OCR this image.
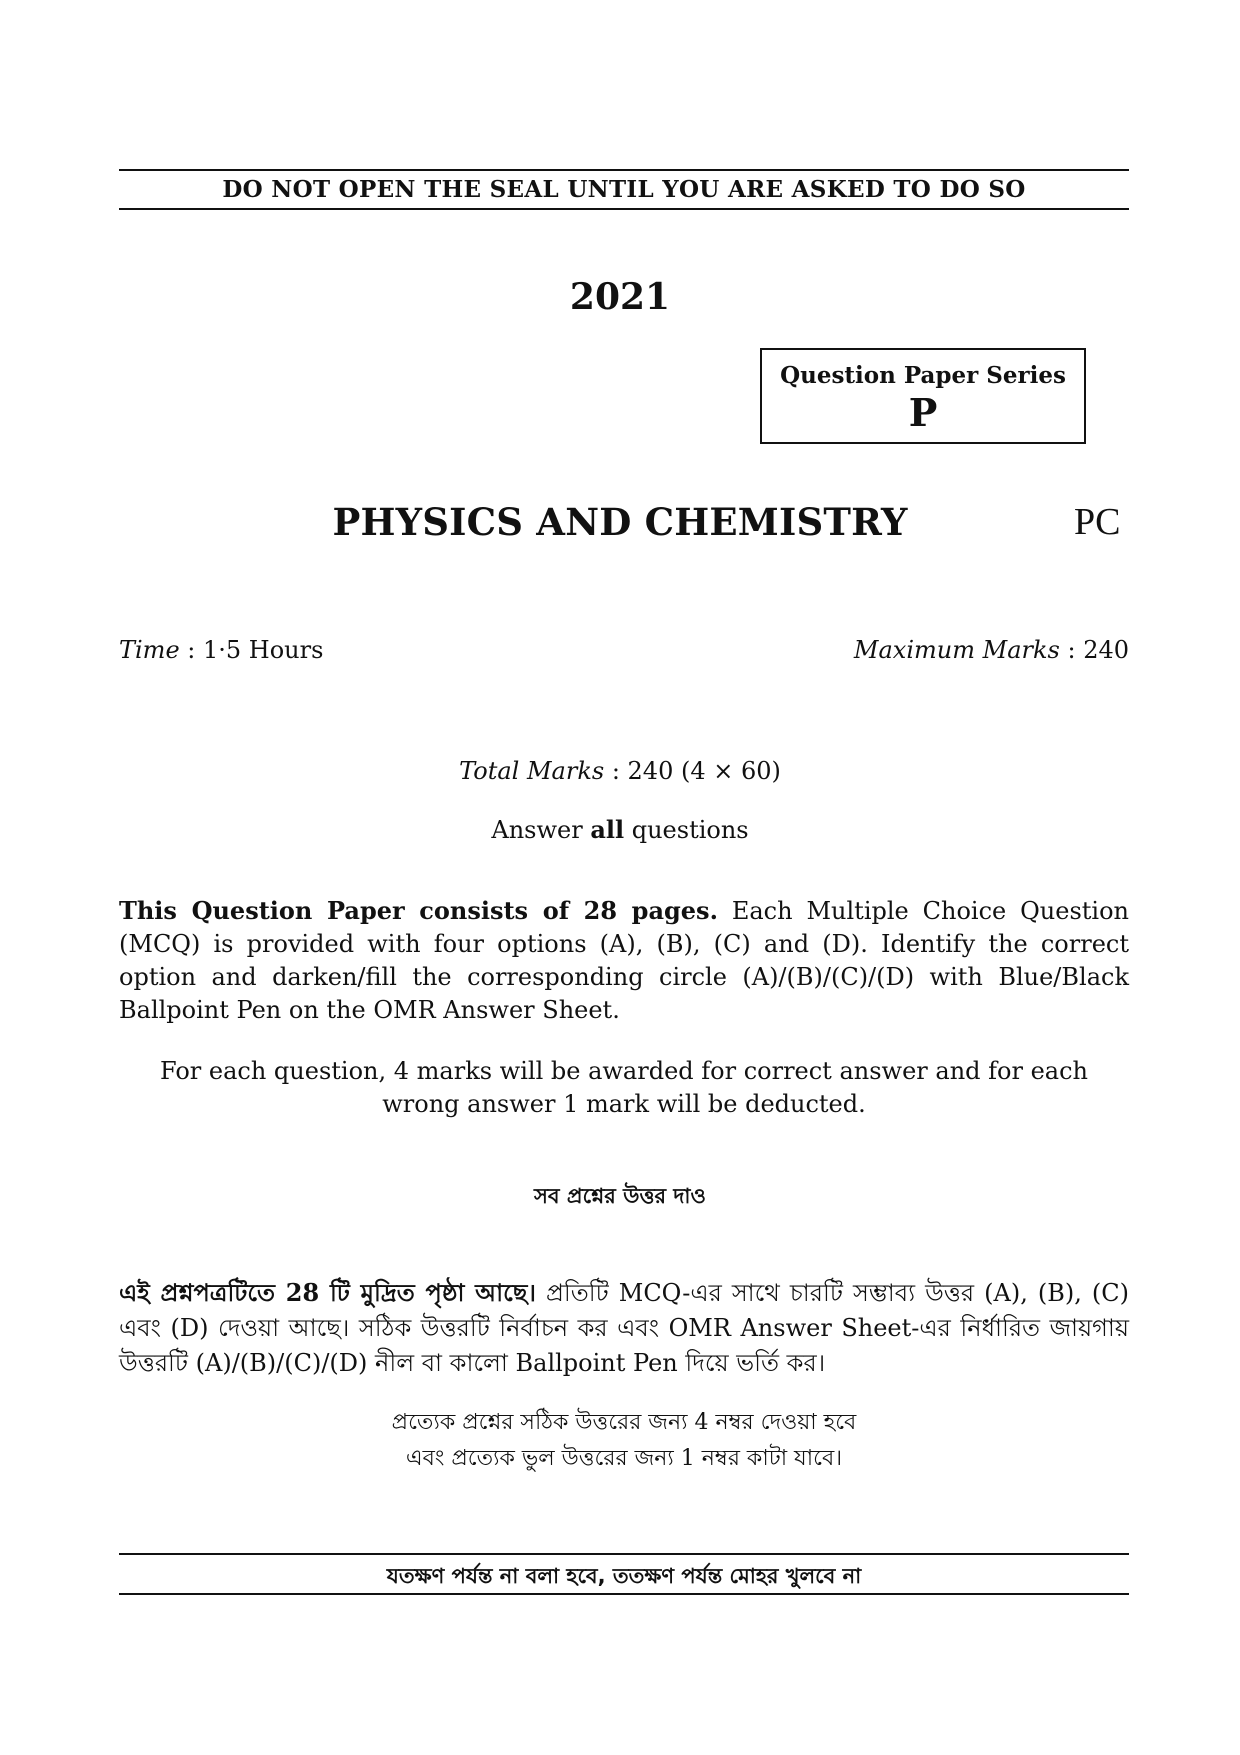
DO NOT OPEN THE SEAL UNTIL YOU ARE ASKED TO DO SO
2021
Question Paper Series
P
PHYSICS AND CHEMISTRY	PC
Time : 1·5 Hours	Maximum Marks : 240
Total Marks : 240 (4 × 60)
Answer all questions
This Question Paper consists of 28 pages. Each Multiple Choice Question (MCQ) is provided with four options (A), (B), (C) and (D). Identify the correct option and darken/fill the corresponding circle (A)/(B)/(C)/(D) with Blue/Black Ballpoint Pen on the OMR Answer Sheet.
For each question, 4 marks will be awarded for correct answer and for each
wrong answer 1 mark will be deducted.
সব প্রশ্নের উত্তর দাও
এই প্রশ্নপত্রটিতে 28 টি মুদ্রিত পৃষ্ঠা আছে। প্রতিটি MCQ-এর সাথে চারটি সম্ভাব্য উত্তর (A), (B), (C) এবং (D) দেওয়া আছে। সঠিক উত্তরটি নির্বাচন কর এবং OMR Answer Sheet-এর নির্ধারিত জায়গায় উত্তরটি (A)/(B)/(C)/(D) নীল বা কালো Ballpoint Pen দিয়ে ভর্তি কর।
প্রত্যেক প্রশ্নের সঠিক উত্তরের জন্য 4 নম্বর দেওয়া হবে
এবং প্রত্যেক ভুল উত্তরের জন্য 1 নম্বর কাটা যাবে।
যতক্ষণ পর্যন্ত না বলা হবে, ততক্ষণ পর্যন্ত মোহর খুলবে না
